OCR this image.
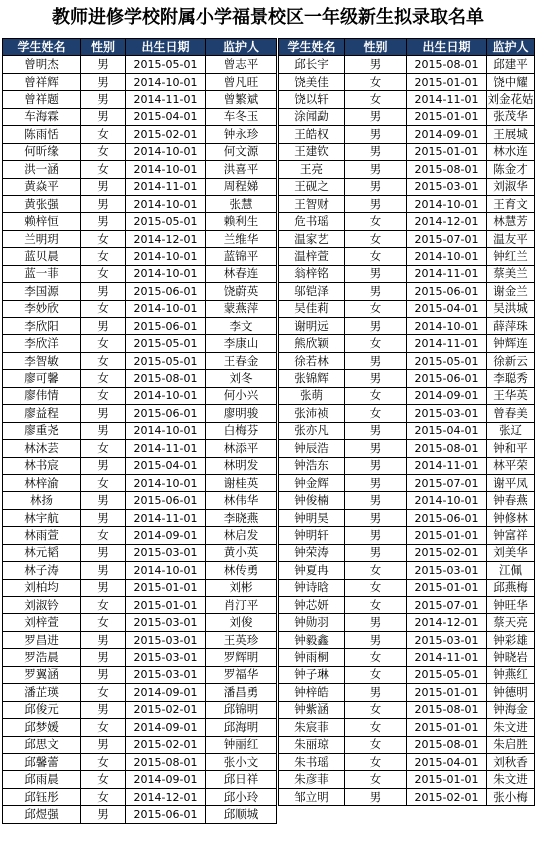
教师进修学校附属小学福景校区一年级新生拟录取名单
学生姓名	性别	出生日期	监护人
曾明杰	男	2015-05-01	曾志平
曾祥辉	男	2014-10-01	曾凡旺
曾祥题	男	2014-11-01	曾繁斌
车海霖	男	2015-04-01	车冬玉
陈雨恬	女	2015-02-01	钟永珍
何昕缘	女	2014-10-01	何文源
洪一涵	女	2014-10-01	洪喜平
黄焱平	男	2014-11-01	周程娣
黄张强	男	2014-10-01	张慧
赖梓恒	男	2015-05-01	赖利生
兰明玥	女	2014-12-01	兰维华
蓝贝晨	女	2014-10-01	蓝锦平
蓝一菲	女	2014-10-01	林春连
李国源	男	2015-06-01	饶蔚英
李妙欣	女	2014-10-01	蒙燕萍
李欣阳	男	2015-06-01	李文
李欣洋	女	2015-05-01	李康山
李智敏	女	2015-05-01	王春金
廖可馨	女	2015-08-01	刘冬
廖伟情	女	2014-10-01	何小兴
廖益程	男	2015-06-01	廖明骏
廖重尧	男	2014-10-01	白梅芬
林沐芸	女	2014-11-01	林添平
林书宸	男	2015-04-01	林明发
林梓渝	女	2014-10-01	谢桂英
林扬	男	2015-06-01	林伟华
林宇航	男	2014-11-01	李晓燕
林雨萱	女	2014-09-01	林启发
林元韬	男	2015-03-01	黄小英
林子涛	男	2014-10-01	林传勇
刘柏均	男	2015-01-01	刘彬
刘淑钤	女	2015-01-01	肖汀平
刘梓萱	女	2015-03-01	刘俊
罗昌进	男	2015-03-01	王英珍
罗浩晨	男	2015-03-01	罗辉明
罗翼涵	男	2015-03-01	罗福华
潘芷瑛	女	2014-09-01	潘昌勇
邱俊元	男	2015-02-01	邱锦明
邱梦媛	女	2014-09-01	邱海明
邱思文	男	2015-02-01	钟丽红
邱馨蕾	女	2015-08-01	张小文
邱雨晨	女	2014-09-01	邱日祥
邱钰彤	女	2014-12-01	邱小玲
邱煜强	男	2015-06-01	邱顺城
学生姓名	性别	出生日期	监护人
邱长宇	男	2015-08-01	邱建平
饶美佳	女	2015-01-01	饶中耀
饶以轩	女	2014-11-01	刘金花姑
涂闻勐	男	2015-01-01	张茂华
王皓权	男	2014-09-01	王展城
王建钦	男	2015-01-01	林水连
王亮	男	2015-08-01	陈金才
王砚之	男	2015-03-01	刘淑华
王智财	男	2014-10-01	王育文
危书瑶	女	2014-12-01	林慧芳
温家艺	女	2015-07-01	温友平
温梓萱	女	2014-10-01	钟红兰
翁梓铭	男	2014-11-01	蔡美兰
邬铠泽	男	2015-06-01	谢金兰
吴佳莉	女	2015-04-01	吴洪城
谢明远	男	2014-10-01	薛萍珠
熊欣颖	女	2014-11-01	钟辉连
徐若林	男	2015-05-01	徐新云
张锦辉	男	2015-06-01	李聪秀
张萌	女	2014-09-01	王华英
张沛祯	女	2015-03-01	曾春美
张亦凡	男	2015-04-01	张辽
钟辰浩	男	2015-08-01	钟和平
钟浩东	男	2014-11-01	林平荣
钟金辉	男	2015-07-01	谢平凤
钟俊楠	男	2014-10-01	钟春燕
钟明昊	男	2015-06-01	钟修林
钟明轩	男	2015-01-01	钟富祥
钟荣涛	男	2015-02-01	刘美华
钟夏冉	女	2015-03-01	江佩
钟诗晗	女	2015-01-01	邱燕梅
钟芯妍	女	2015-07-01	钟旺华
钟勋羽	男	2014-12-01	蔡天亮
钟毅鑫	男	2015-03-01	钟彩雄
钟雨桐	女	2014-11-01	钟晓岩
钟子琳	女	2015-05-01	钟燕红
钟梓皓	男	2015-01-01	钟德明
钟紫涵	女	2015-08-01	钟海金
朱宸菲	女	2015-01-01	朱文进
朱丽琼	女	2015-08-01	朱启胜
朱书瑶	女	2015-04-01	刘秋香
朱彦菲	女	2015-01-01	朱文进
邹立明	男	2015-02-01	张小梅
